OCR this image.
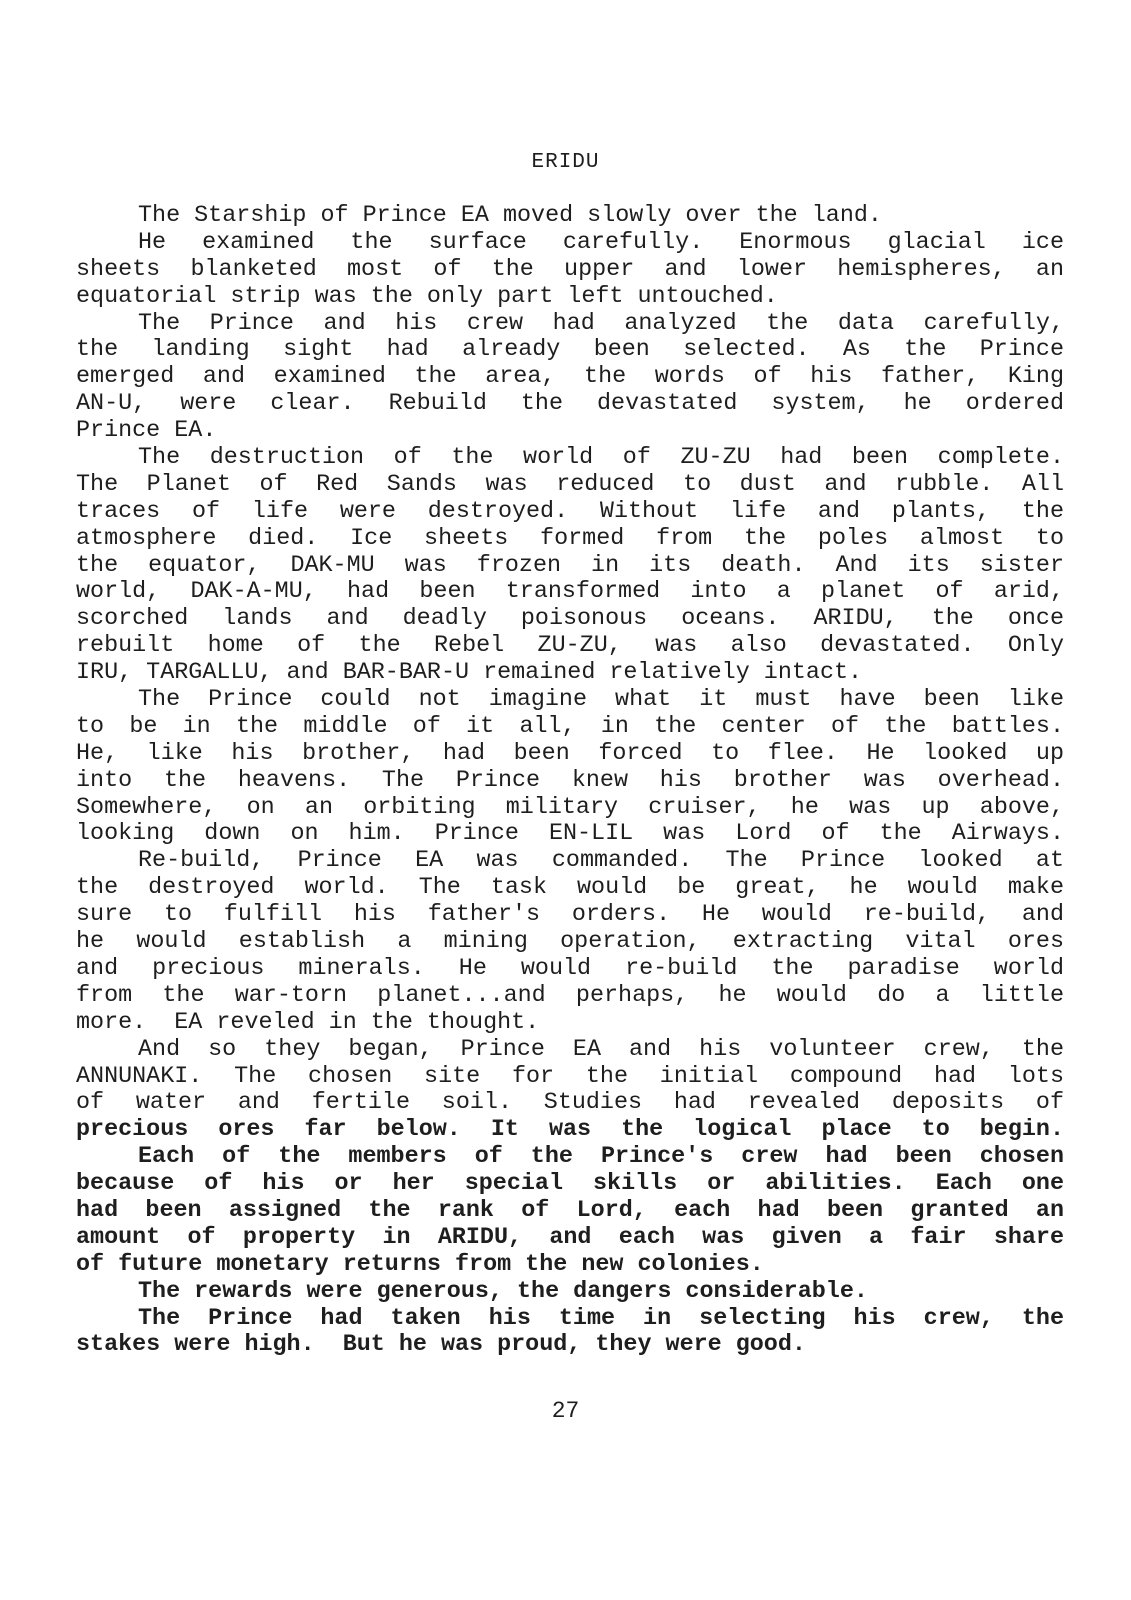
ERIDU
The Starship of Prince EA moved slowly over the land.
He examined the surface carefully. Enormous glacial ice
sheets blanketed most of the upper and lower hemispheres, an
equatorial strip was the only part left untouched.
The Prince and his crew had analyzed the data carefully,
the landing sight had already been selected. As the Prince
emerged and examined the area, the words of his father, King
AN-U, were clear. Rebuild the devastated system, he ordered
Prince EA.
The destruction of the world of ZU-ZU had been complete.
The Planet of Red Sands was reduced to dust and rubble. All
traces of life were destroyed. Without life and plants, the
atmosphere died. Ice sheets formed from the poles almost to
the equator, DAK-MU was frozen in its death. And its sister
world, DAK-A-MU, had been transformed into a planet of arid,
scorched lands and deadly poisonous oceans. ARIDU, the once
rebuilt home of the Rebel ZU-ZU, was also devastated. Only
IRU, TARGALLU, and BAR-BAR-U remained relatively intact.
The Prince could not imagine what it must have been like
to be in the middle of it all, in the center of the battles.
He, like his brother, had been forced to flee. He looked up
into the heavens. The Prince knew his brother was overhead.
Somewhere, on an orbiting military cruiser, he was up above,
looking down on him. Prince EN-LIL was Lord of the Airways.
Re-build, Prince EA was commanded. The Prince looked at
the destroyed world. The task would be great, he would make
sure to fulfill his father's orders. He would re-build, and
he would establish a mining operation, extracting vital ores
and precious minerals. He would re-build the paradise world
from the war-torn planet...and perhaps, he would do a little
more.  EA reveled in the thought.
And so they began, Prince EA and his volunteer crew, the
ANNUNAKI. The chosen site for the initial compound had lots
of water and fertile soil. Studies had revealed deposits of
precious ores far below. It was the logical place to begin.
Each of the members of the Prince's crew had been chosen
because of his or her special skills or abilities. Each one
had been assigned the rank of Lord, each had been granted an
amount of property in ARIDU, and each was given a fair share
of future monetary returns from the new colonies.
The rewards were generous, the dangers considerable.
The Prince had taken his time in selecting his crew, the
stakes were high.  But he was proud, they were good.
27
